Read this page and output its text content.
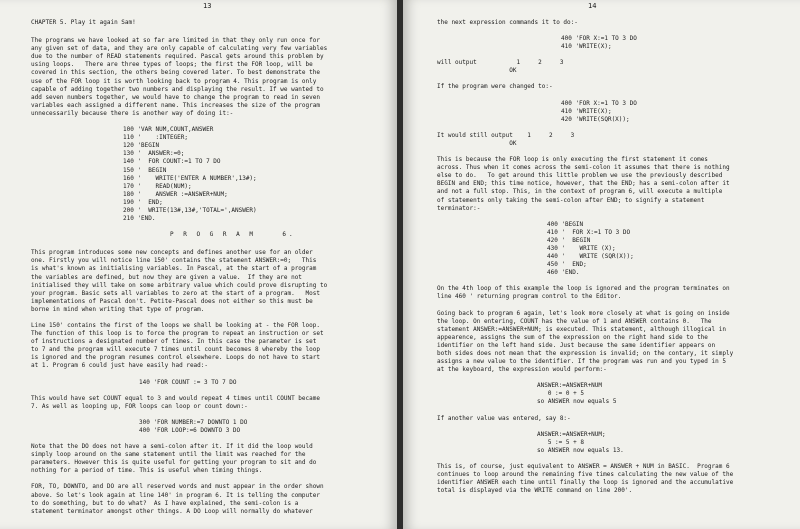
13
CHAPTER 5. Play it again Sam!
The programs we have looked at so far are limited in that they only run once for
any given set of data, and they are only capable of calculating very few variables
due to the number of READ statements required. Pascal gets around this problem by
using loops.   There are three types of loops; the first the FOR loop, will be
covered in this section, the others being covered later. To best demonstrate the
use of the FOR loop it is worth looking back to program 4. This program is only
capable of adding together two numbers and displaying the result. If we wanted to
add seven numbers together, we would have to change the program to read in seven
variables each assigned a different name. This increases the size of the program
unnecessarily because there is another way of doing it:-
100 'VAR NUM,COUNT,ANSWER
110 '    :INTEGER;
120 'BEGIN
130 '  ANSWER:=0;
140 '  FOR COUNT:=1 TO 7 DO
150 '  BEGIN
160 '    WRITE('ENTER A NUMBER',13#);
170 '    READ(NUM);
180 '    ANSWER :=ANSWER+NUM;
190 '  END;
200 '  WRITE(13#,13#,'TOTAL=',ANSWER)
210 'END.
P R O G R A M    6.
This program introduces some new concepts and defines another use for an older
one. Firstly you will notice line 150' contains the statement ANSWER:=0;   This
is what's known as initialising variables. In Pascal, at the start of a program
the variables are defined, but now they are given a value.  If they are not
initialised they will take on some arbitrary value which could prove disrupting to
your program. Basic sets all variables to zero at the start of a program.   Most
implementations of Pascal don't. Petite-Pascal does not either so this must be
borne in mind when writing that type of program.
Line 150' contains the first of the loops we shall be looking at - the FOR loop.
The function of this loop is to force the program to repeat an instruction or set
of instructions a designated number of times. In this case the parameter is set
to 7 and the program will execute 7 times until count becomes 8 whereby the loop
is ignored and the program resumes control elsewhere. Loops do not have to start
at 1. Program 6 could just have easily had read:-
140 'FOR COUNT := 3 TO 7 DO
This would have set COUNT equal to 3 and would repeat 4 times until COUNT became
7. As well as looping up, FOR loops can loop or count down:-
300 'FOR NUMBER:=7 DOWNTO 1 DO
400 'FOR LOOP:=6 DOWNTO 3 DO
Note that the DO does not have a semi-colon after it. If it did the loop would
simply loop around on the same statement until the limit was reached for the
parameters. However this is quite useful for getting your program to sit and do
nothing for a period of time. This is useful when timing things.
FOR, TO, DOWNTO, and DO are all reserved words and must appear in the order shown
above. So let's look again at line 140' in program 6. It is telling the computer
to do something, but to do what?  As I have explained, the semi-colon is a
statement terminator amongst other things. A DO Loop will normally do whatever
14
the next expression commands it to do:-
400 'FOR X:=1 TO 3 DO
410 'WRITE(X);
will output           1     2     3
OK
If the program were changed to:-
400 'FOR X:=1 TO 3 DO
410 'WRITE(X);
420 'WRITE(SQR(X));
It would still output    1     2     3
OK
This is because the FOR loop is only executing the first statement it comes
across. Thus when it comes across the semi-colon it assumes that there is nothing
else to do.   To get around this little problem we use the previously described
BEGIN and END; this time notice, however, that the END; has a semi-colon after it
and not a full stop. This, in the context of program 6, will execute a multiple
of statements only taking the semi-colon after END; to signify a statement
terminator:-
400 'BEGIN
410 '  FOR X:=1 TO 3 DO
420 '  BEGIN
430 '    WRITE (X);
440 '    WRITE (SQR(X));
450 '  END;
460 'END.
On the 4th loop of this example the loop is ignored and the program terminates on
line 460 ' returning program control to the Editor.
Going back to program 6 again, let's look more closely at what is going on inside
the loop. On entering, COUNT has the value of 1 and ANSWER contains 0.   The
statement ANSWER:=ANSWER+NUM; is executed. This statement, although illogical in
appearence, assigns the sum of the expression on the right hand side to the
identifier on the left hand side. Just because the same identifier appears on
both sides does not mean that the expression is invalid; on the contary, it simply
assigns a new value to the identifier. If the program was run and you typed in 5
at the keyboard, the expression would perform:-
ANSWER:=ANSWER+NUM
0 := 0 + 5
so ANSWER now equals 5
If another value was entered, say 8:-
ANSWER:=ANSWER+NUM;
5 := 5 + 8
so ANSWER now equals 13.
This is, of course, just equivalent to ANSWER = ANSWER + NUM in BASIC.  Program 6
continues to loop around the remaining five times calculating the new value of the
identifier ANSWER each time until finally the loop is ignored and the accumulative
total is displayed via the WRITE command on line 200'.
